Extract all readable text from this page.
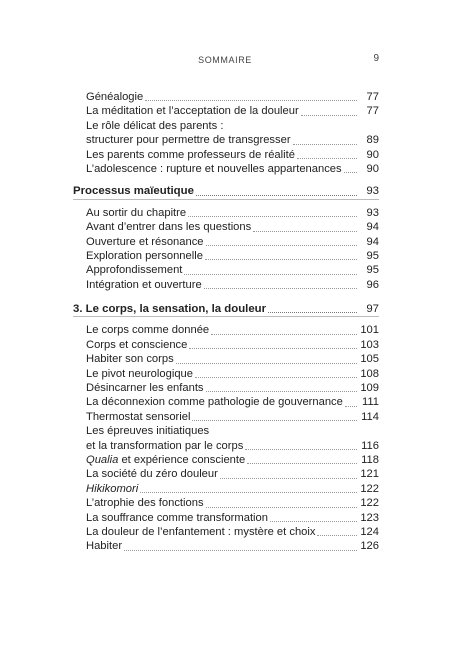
SOMMAIRE	9
Généalogie	77
La méditation et l’acceptation de la douleur	77
Le rôle délicat des parents :
structurer pour permettre de transgresser	89
Les parents comme professeurs de réalité	90
L’adolescence : rupture et nouvelles appartenances	90
Processus maïeutique	93
Au sortir du chapitre	93
Avant d’entrer dans les questions	94
Ouverture et résonance	94
Exploration personnelle	95
Approfondissement	95
Intégration et ouverture	96
3. Le corps, la sensation, la douleur	97
Le corps comme donnée	101
Corps et conscience	103
Habiter son corps	105
Le pivot neurologique	108
Désincarner les enfants	109
La déconnexion comme pathologie de gouvernance 111
Thermostat sensoriel	114
Les épreuves initiatiques
et la transformation par le corps	116
Qualia et expérience consciente	118
La société du zéro douleur	121
Hikikomori	122
L’atrophie des fonctions	122
La souffrance comme transformation	123
La douleur de l’enfantement : mystère et choix	124
Habiter	126
